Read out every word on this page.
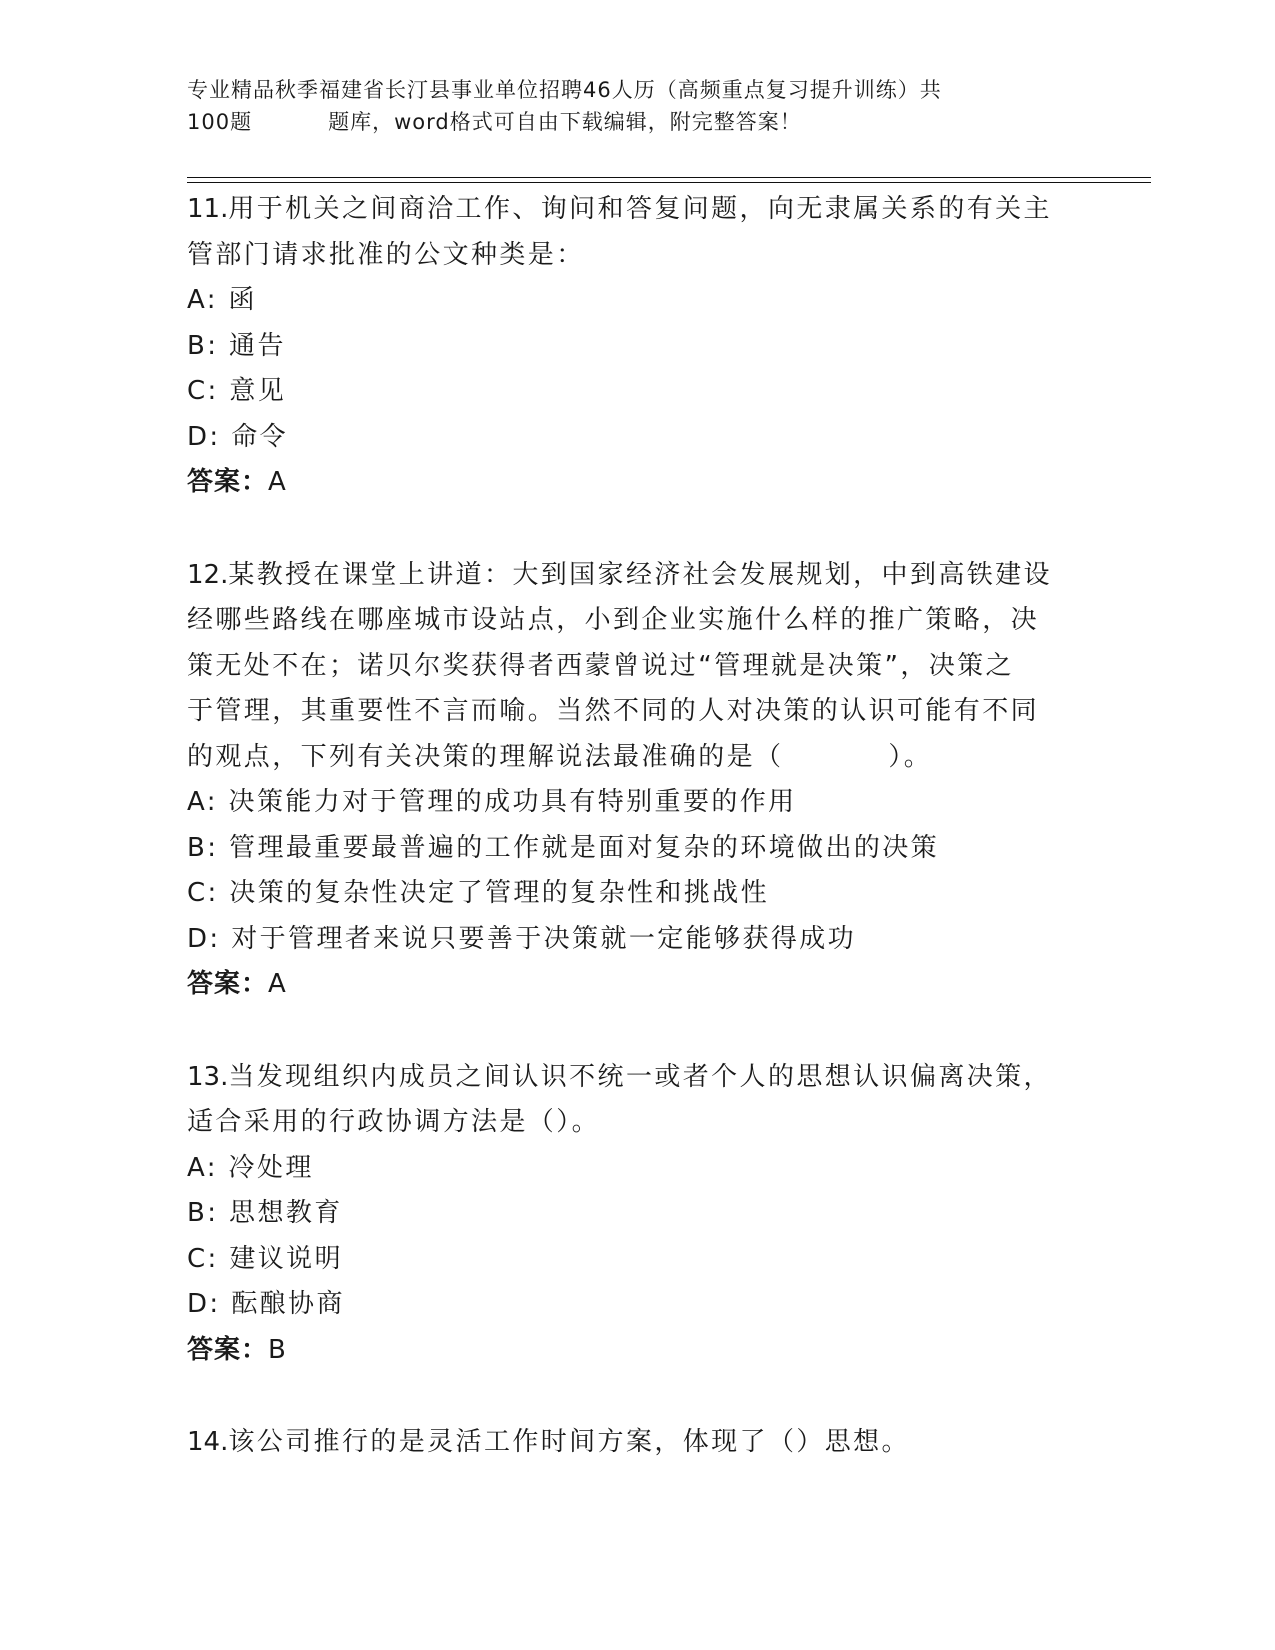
专业精品秋季福建省长汀县事业单位招聘46人历（高频重点复习提升训练）共
100题	题库，word格式可自由下载编辑，附完整答案！
11.用于机关之间商洽工作、询问和答复问题，向无隶属关系的有关主
管部门请求批准的公文种类是：
A: 函
B: 通告
C: 意见
D: 命令
答案：A
12.某教授在课堂上讲道：大到国家经济社会发展规划，中到高铁建设
经哪些路线在哪座城市设站点，小到企业实施什么样的推广策略，决
策无处不在；诺贝尔奖获得者西蒙曾说过“管理就是决策”，决策之
于管理，其重要性不言而喻。当然不同的人对决策的认识可能有不同
的观点，下列有关决策的理解说法最准确的是（	）。
A: 决策能力对于管理的成功具有特别重要的作用
B: 管理最重要最普遍的工作就是面对复杂的环境做出的决策
C: 决策的复杂性决定了管理的复杂性和挑战性
D: 对于管理者来说只要善于决策就一定能够获得成功
答案：A
13.当发现组织内成员之间认识不统一或者个人的思想认识偏离决策，
适合采用的行政协调方法是（）。
A: 冷处理
B: 思想教育
C: 建议说明
D: 酝酿协商
答案：B
14.该公司推行的是灵活工作时间方案，体现了（）思想。
